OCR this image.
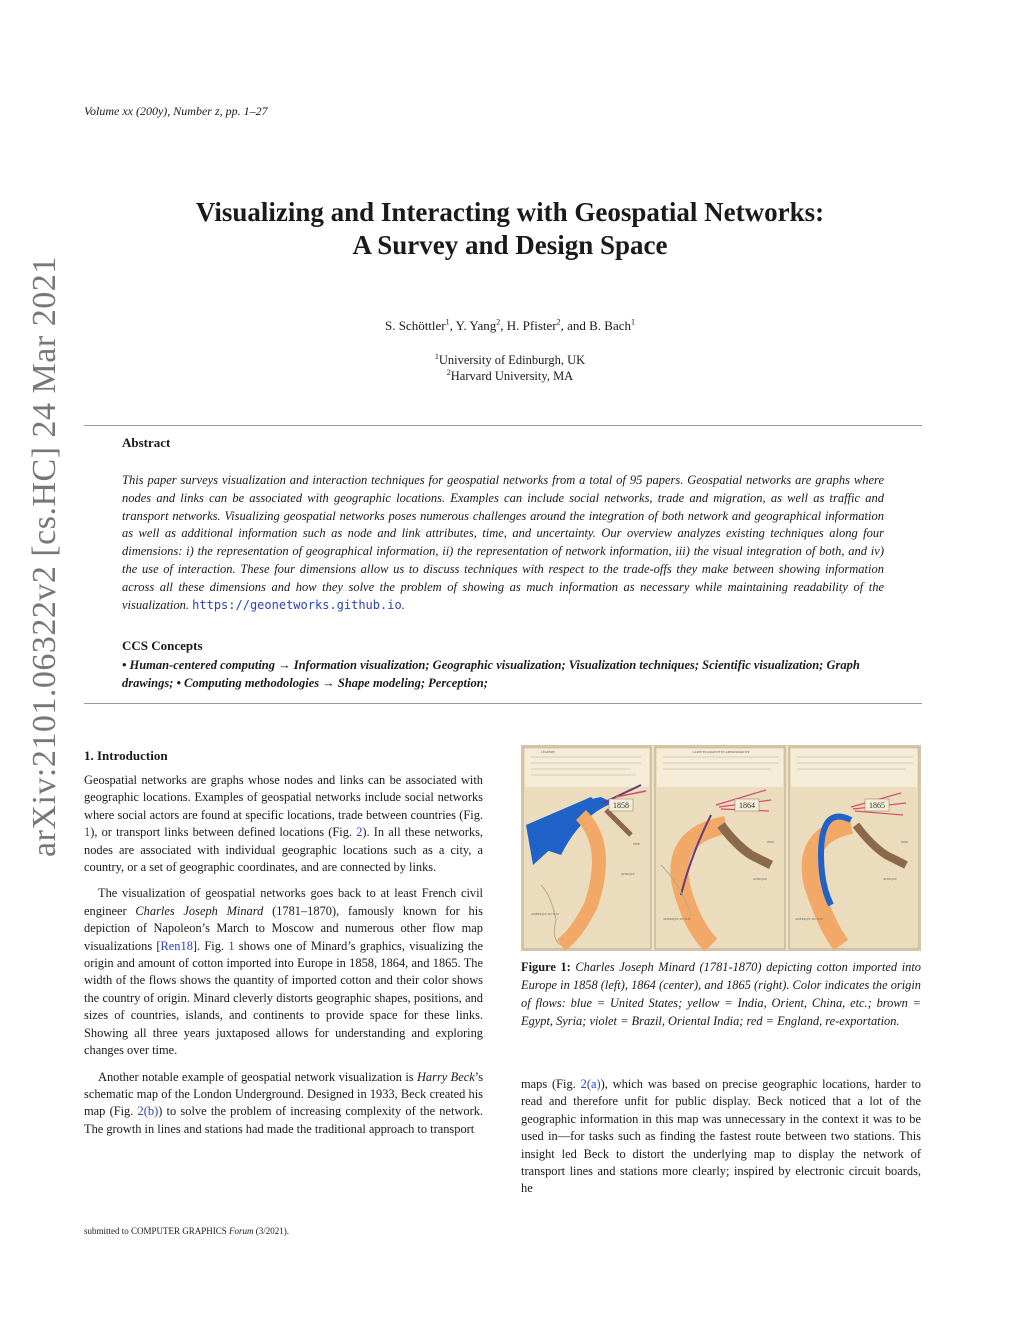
Volume xx (200y), Number z, pp. 1–27
arXiv:2101.06322v2 [cs.HC] 24 Mar 2021
Visualizing and Interacting with Geospatial Networks:
A Survey and Design Space
S. Schöttler$^1$, Y. Yang$^2$, H. Pfister$^2$, and B. Bach$^1$
$^1$University of Edinburgh, UK
$^2$Harvard University, MA
Abstract
This paper surveys visualization and interaction techniques for geospatial networks from a total of 95 papers. Geospatial networks are graphs where nodes and links can be associated with geographic locations. Examples can include social networks, trade and migration, as well as traffic and transport networks. Visualizing geospatial networks poses numerous challenges around the integration of both network and geographical information as well as additional information such as node and link attributes, time, and uncertainty. Our overview analyzes existing techniques along four dimensions: i) the representation of geographical information, ii) the representation of network information, iii) the visual integration of both, and iv) the use of interaction. These four dimensions allow us to discuss techniques with respect to the trade-offs they make between showing information across all these dimensions and how they solve the problem of showing as much information as necessary while maintaining readability of the visualization. https://geonetworks.github.io.
CCS Concepts
• Human-centered computing → Information visualization; Geographic visualization; Visualization techniques; Scientific visualization; Graph drawings; • Computing methodologies → Shape modeling; Perception;
1. Introduction

Geospatial networks are graphs whose nodes and links can be associated with geographic locations. Examples of geospatial networks include social networks where social actors are found at specific locations, trade between countries (Fig. 1), or transport links between defined locations (Fig. 2). In all these networks, nodes are associated with individual geographic locations such as a city, a country, or a set of geographic coordinates, and are connected by links.

The visualization of geospatial networks goes back to at least French civil engineer Charles Joseph Minard (1781–1870), famously known for his depiction of Napoleon’s March to Moscow and numerous other flow map visualizations [Ren18]. Fig. 1 shows one of Minard’s graphics, visualizing the origin and amount of cotton imported into Europe in 1858, 1864, and 1865. The width of the flows shows the quantity of imported cotton and their color shows the country of origin. Minard cleverly distorts geographic shapes, positions, and sizes of countries, islands, and continents to provide space for these links. Showing all three years juxtaposed allows for understanding and exploring changes over time.

Another notable example of geospatial network visualization is Harry Beck’s schematic map of the London Underground. Designed in 1933, Beck created his map (Fig. 2(b)) to solve the problem of increasing complexity of the network. The growth in lines and stations had made the traditional approach to transport

1858	1864	1865
CARTE FIGURATIVE ET APPROXIMATIVE
LÉGENDE
AFRIQUE
AFRIQUE	AFRIQUE
INDE	INDE	INDE
AMÉRIQUE DU SUD
AMÉRIQUE DU SUD	AMÉRIQUE DU SUD
Figure 1: Charles Joseph Minard (1781-1870) depicting cotton imported into Europe in 1858 (left), 1864 (center), and 1865 (right). Color indicates the origin of flows: blue = United States; yellow = India, Orient, China, etc.; brown = Egypt, Syria; violet = Brazil, Oriental India; red = England, re-exportation.

maps (Fig. 2(a)), which was based on precise geographic locations, harder to read and therefore unfit for public display. Beck noticed that a lot of the geographic information in this map was unnecessary in the context it was to be used in—for tasks such as finding the fastest route between two stations. This insight led Beck to distort the underlying map to display the network of transport lines and stations more clearly; inspired by electronic circuit boards, he

submitted to COMPUTER GRAPHICS Forum (3/2021).
